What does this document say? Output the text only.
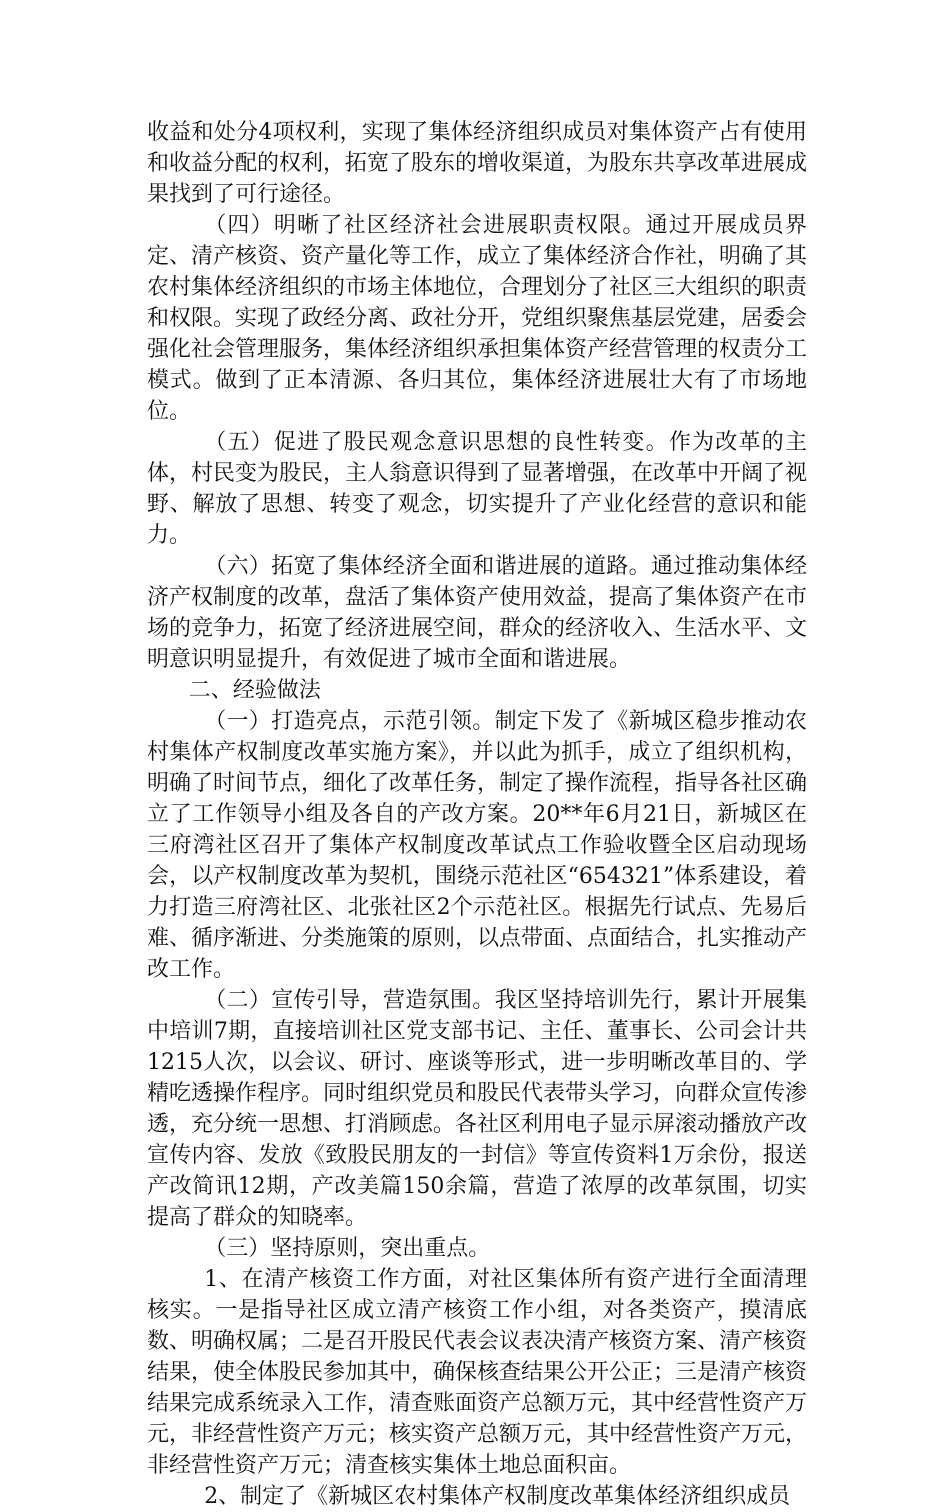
收益和处分4项权利，实现了集体经济组织成员对集体资产占有使用和收益分配的权利，拓宽了股东的增收渠道，为股东共享改革进展成果找到了可行途径。

（四）明晰了社区经济社会进展职责权限。通过开展成员界定、清产核资、资产量化等工作，成立了集体经济合作社，明确了其农村集体经济组织的市场主体地位，合理划分了社区三大组织的职责和权限。实现了政经分离、政社分开，党组织聚焦基层党建，居委会强化社会管理服务，集体经济组织承担集体资产经营管理的权责分工模式。做到了正本清源、各归其位，集体经济进展壮大有了市场地位。

（五）促进了股民观念意识思想的良性转变。作为改革的主体，村民变为股民，主人翁意识得到了显著增强，在改革中开阔了视野、解放了思想、转变了观念，切实提升了产业化经营的意识和能力。

（六）拓宽了集体经济全面和谐进展的道路。通过推动集体经济产权制度的改革，盘活了集体资产使用效益，提高了集体资产在市场的竞争力，拓宽了经济进展空间，群众的经济收入、生活水平、文明意识明显提升，有效促进了城市全面和谐进展。

二、经验做法

（一）打造亮点，示范引领。制定下发了《新城区稳步推动农村集体产权制度改革实施方案》，并以此为抓手，成立了组织机构，明确了时间节点，细化了改革任务，制定了操作流程，指导各社区确立了工作领导小组及各自的产改方案。20**年6月21日，新城区在三府湾社区召开了集体产权制度改革试点工作验收暨全区启动现场会，以产权制度改革为契机，围绕示范社区“654321”体系建设，着力打造三府湾社区、北张社区2个示范社区。根据先行试点、先易后难、循序渐进、分类施策的原则，以点带面、点面结合，扎实推动产改工作。

（二）宣传引导，营造氛围。我区坚持培训先行，累计开展集中培训7期，直接培训社区党支部书记、主任、董事长、公司会计共1215人次，以会议、研讨、座谈等形式，进一步明晰改革目的、学精吃透操作程序。同时组织党员和股民代表带头学习，向群众宣传渗透，充分统一思想、打消顾虑。各社区利用电子显示屏滚动播放产改宣传内容、发放《致股民朋友的一封信》等宣传资料1万余份，报送产改简讯12期，产改美篇150余篇，营造了浓厚的改革氛围，切实提高了群众的知晓率。

（三）坚持原则，突出重点。

1、在清产核资工作方面，对社区集体所有资产进行全面清理核实。一是指导社区成立清产核资工作小组，对各类资产，摸清底数、明确权属；二是召开股民代表会议表决清产核资方案、清产核资结果，使全体股民参加其中，确保核查结果公开公正；三是清产核资结果完成系统录入工作，清查账面资产总额万元，其中经营性资产万元，非经营性资产万元；核实资产总额万元，其中经营性资产万元，非经营性资产万元；清查核实集体土地总面积亩。

2、制定了《新城区农村集体产权制度改革集体经济组织成员
